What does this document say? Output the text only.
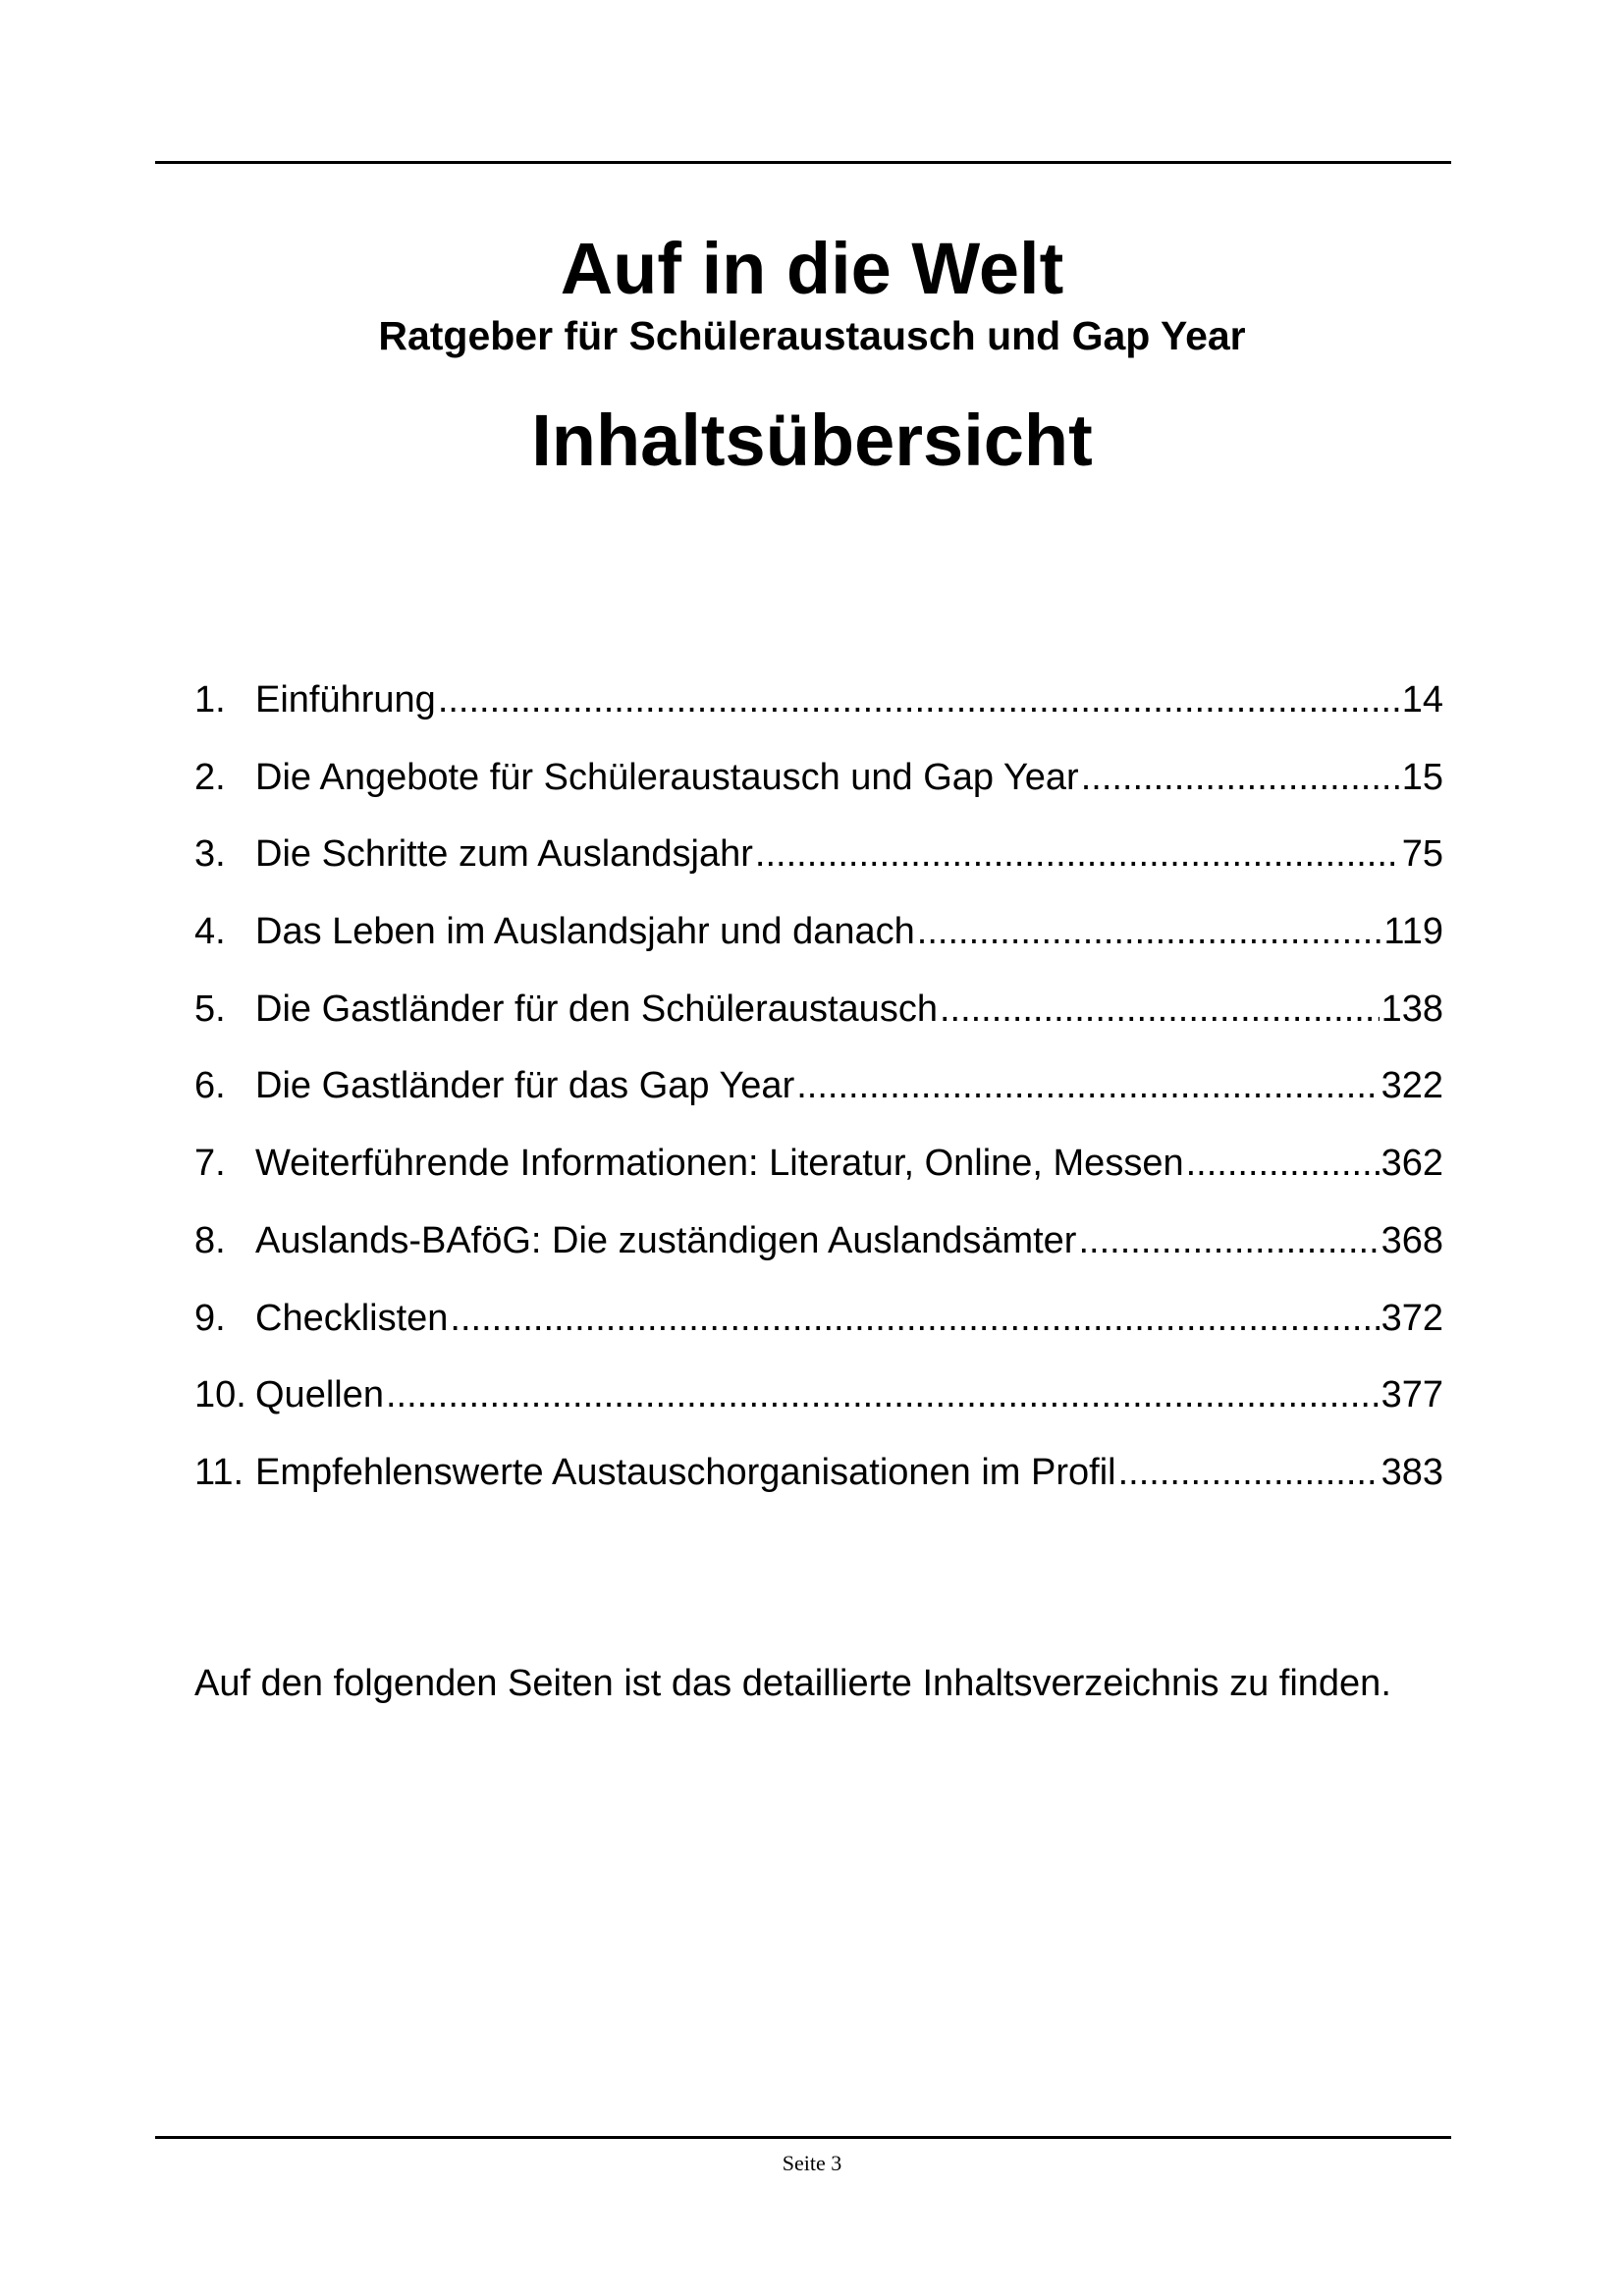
Auf in die Welt
Ratgeber für Schüleraustausch und Gap Year
Inhaltsübersicht
1. Einführung .....	14
2. Die Angebote für Schüleraustausch und Gap Year .....	15
3. Die Schritte zum Auslandsjahr .....	75
4. Das Leben im Auslandsjahr und danach .....	119
5. Die Gastländer für den Schüleraustausch .....	138
6. Die Gastländer für das Gap Year .....	322
7. Weiterführende Informationen: Literatur, Online, Messen .....	362
8. Auslands-BAföG: Die zuständigen Auslandsämter .....	368
9. Checklisten .....	372
10. Quellen .....	377
11. Empfehlenswerte Austauschorganisationen im Profil .....	383
Auf den folgenden Seiten ist das detaillierte Inhaltsverzeichnis zu finden.
Seite 3
